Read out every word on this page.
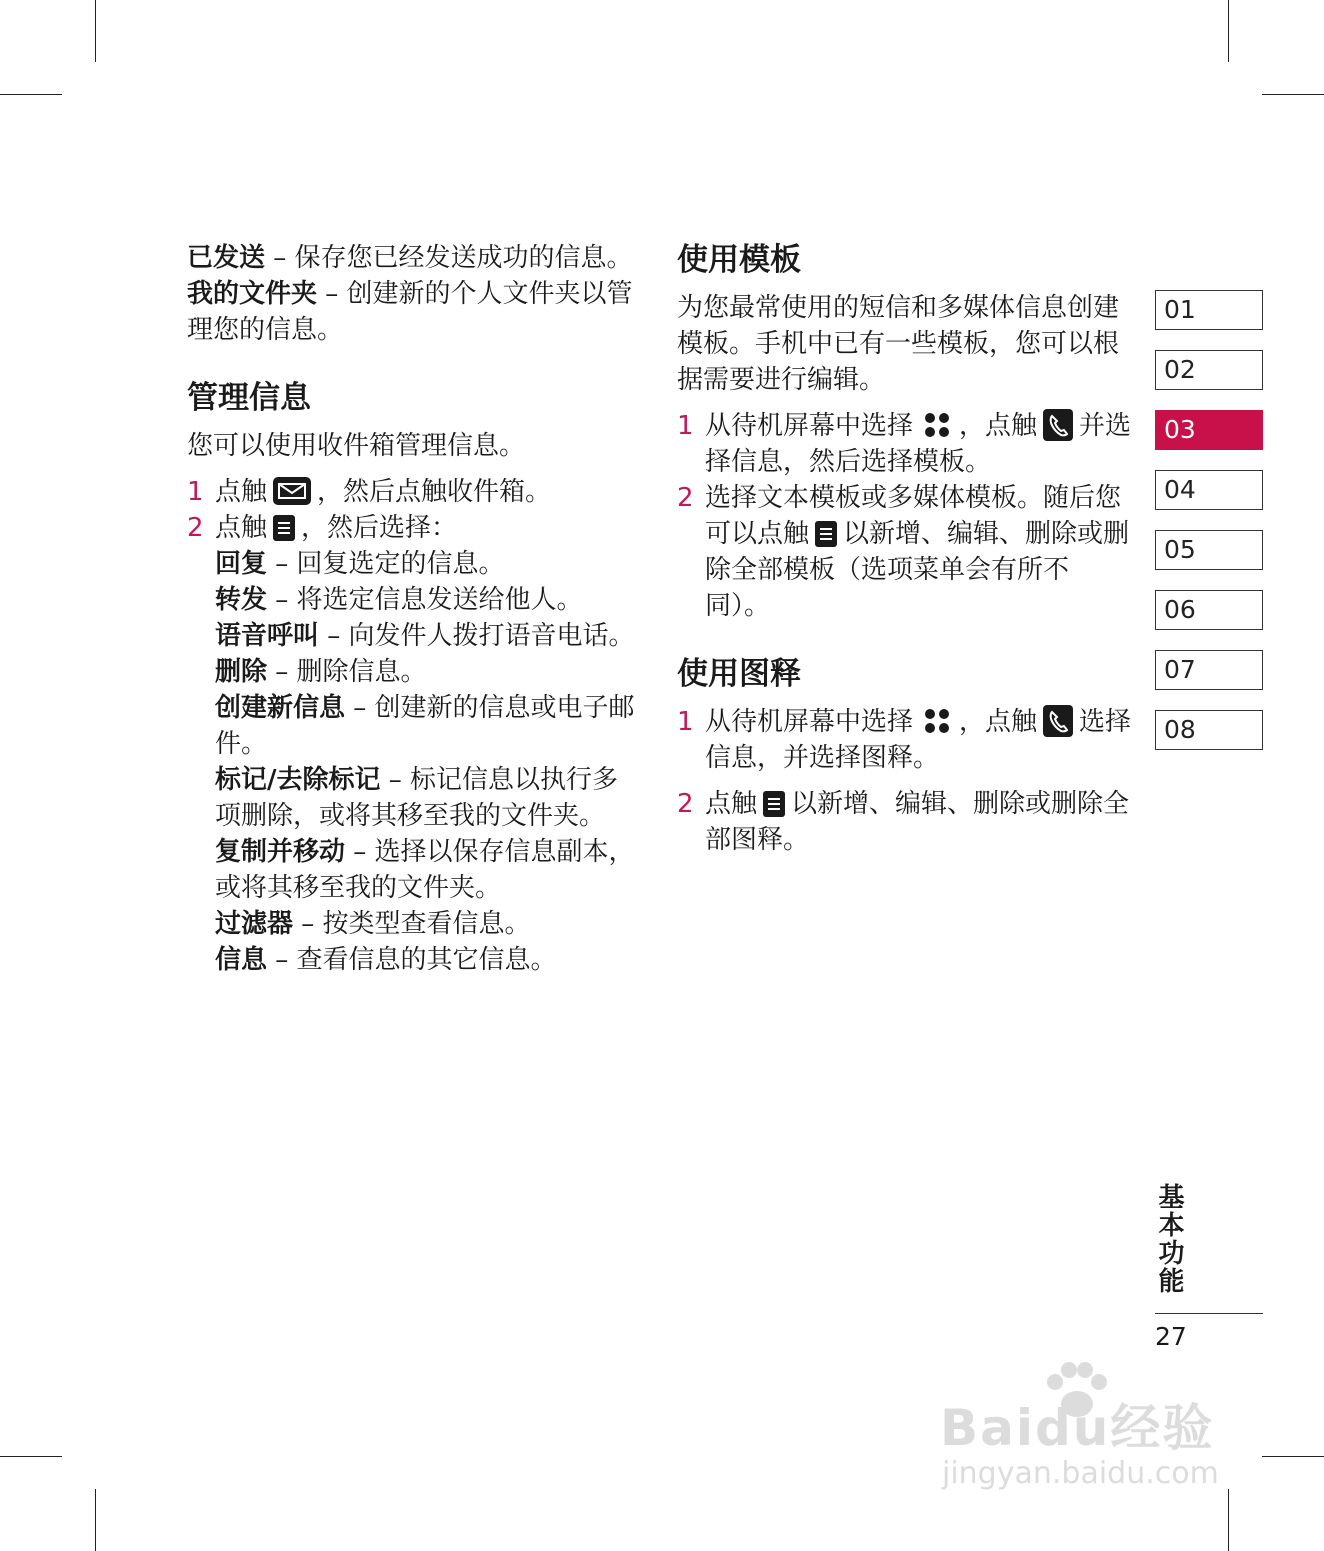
已发送 – 保存您已经发送成功的信息。

我的文件夹 – 创建新的个人文件夹以管理您的信息。

管理信息

您可以使用收件箱管理信息。

1 点触 ，然后点触收件箱。
2 点触 ，然后选择：
回复 – 回复选定的信息。
转发 – 将选定信息发送给他人。
语音呼叫 – 向发件人拨打语音电话。
删除 – 删除信息。
创建新信息 – 创建新的信息或电子邮件。
标记/去除标记 – 标记信息以执行多项删除，或将其移至我的文件夹。
复制并移动 – 选择以保存信息副本，或将其移至我的文件夹。
过滤器 – 按类型查看信息。
信息 – 查看信息的其它信息。
使用模板

为您最常使用的短信和多媒体信息创建模板。手机中已有一些模板，您可以根据需要进行编辑。

1 从待机屏幕中选择 ，点触 并选择信息，然后选择模板。
2 选择文本模板或多媒体模板。随后您可以点触 以新增、编辑、删除或删除全部模板（选项菜单会有所不同）。
使用图释
1 从待机屏幕中选择 ，点触 选择信息，并选择图释。
2 点触 以新增、编辑、删除或删除全部图释。
01
02
03
04
05
06
07
08
基本功能
27
Baidu经验
jingyan.baidu.com
